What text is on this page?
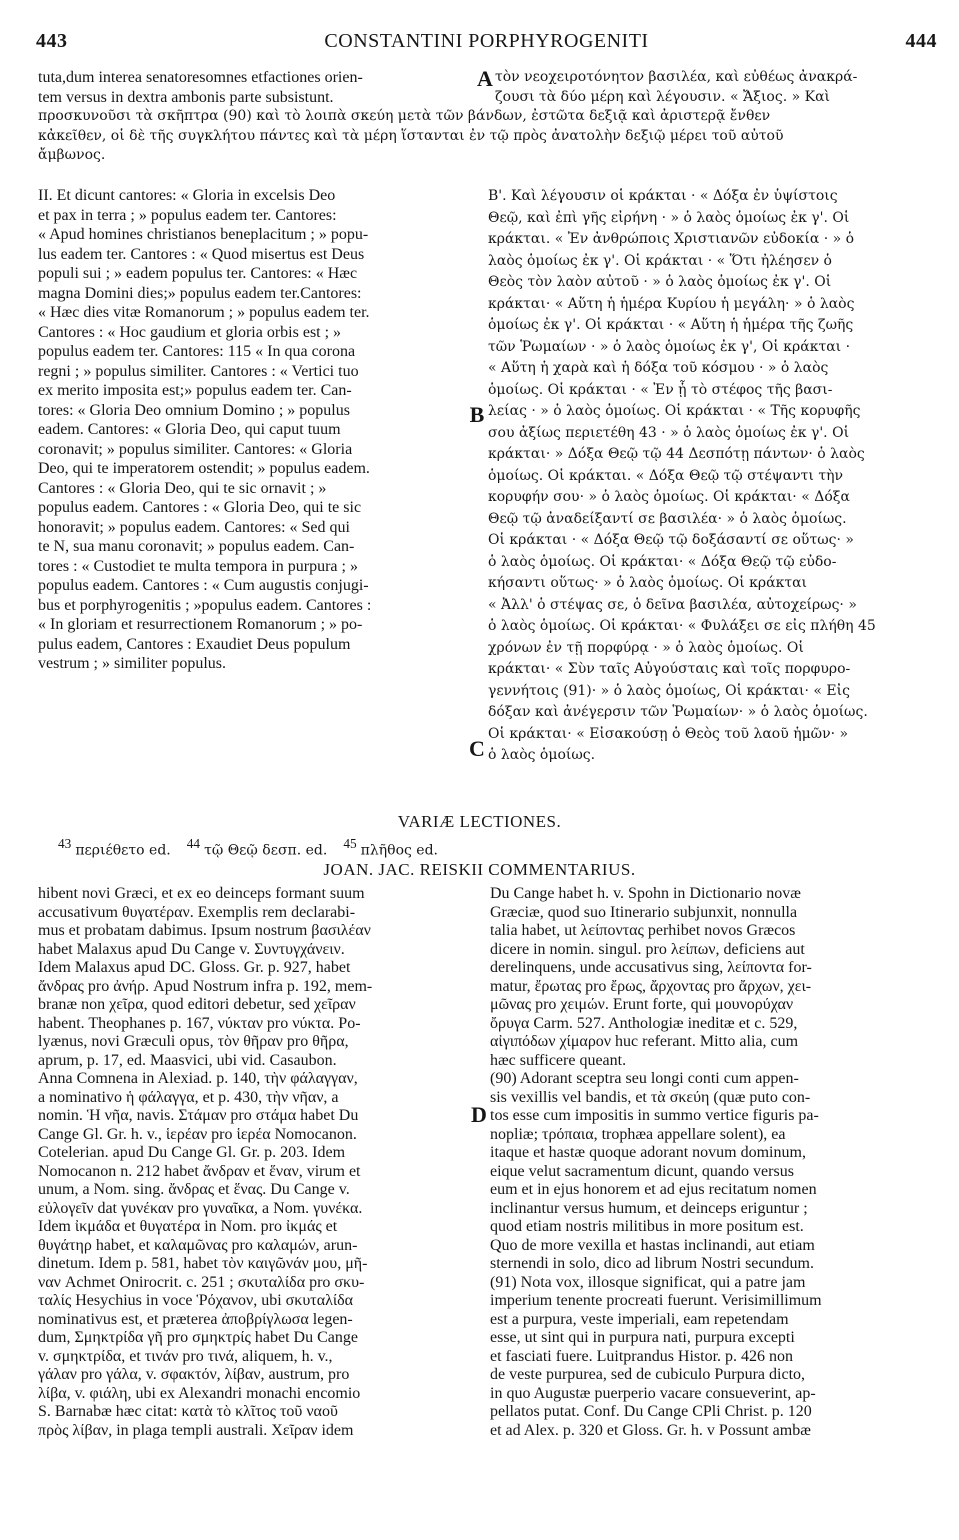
443	CONSTANTINI PORPHYROGENITI	444
tuta,dum interea senatoresomnes etfactiones orien-
tem versus in dextra ambonis parte subsistunt.
A τὸν νεοχειροτόνητον βασιλέα, καὶ εὐθέως ἀνακρά-
ζουσι τὰ δύο μέρη καὶ λέγουσιν. « Ἄξιος. » Καὶ
προσκυνοῦσι τὰ σκῆπτρα (90) καὶ τὸ λοιπὰ σκεύη μετὰ τῶν βάνδων, ἐστῶτα δεξιᾷ καὶ ἀριστερᾷ ἔνθεν
κἀκεῖθεν, οἱ δὲ τῆς συγκλήτου πάντες καὶ τὰ μέρη ἵστανται ἐν τῷ πρὸς ἀνατολὴν δεξιῷ μέρει τοῦ αὐτοῦ
ἄμβωνος.
II. Et dicunt cantores: « Gloria in excelsis Deo
et pax in terra ; » populus eadem ter. Cantores:
« Apud homines christianos beneplacitum ; » popu-
lus eadem ter. Cantores : « Quod misertus est Deus
populi sui ; » eadem populus ter. Cantores: « Hæc
magna Domini dies;» populus eadem ter.Cantores:
« Hæc dies vitæ Romanorum ; » populus eadem ter.
Cantores : « Hoc gaudium et gloria orbis est ; »
populus eadem ter. Cantores: 115 « In qua corona
regni ; » populus similiter. Cantores : « Vertici tuo
ex merito imposita est;» populus eadem ter. Can-
tores: « Gloria Deo omnium Domino ; » populus
eadem. Cantores: « Gloria Deo, qui caput tuum
coronavit; » populus similiter. Cantores: « Gloria
Deo, qui te imperatorem ostendit; » populus eadem.
Cantores : « Gloria Deo, qui te sic ornavit ; »
populus eadem. Cantores : « Gloria Deo, qui te sic
honoravit; » populus eadem. Cantores: « Sed qui
te N, sua manu coronavit; » populus eadem. Can-
tores : « Custodiet te multa tempora in purpura ; »
populus eadem. Cantores : « Cum augustis conjugi-
bus et porphyrogenitis ; »populus eadem. Cantores :
« In gloriam et resurrectionem Romanorum ; » po-
pulus eadem, Cantores : Exaudiet Deus populum
vestrum ; » similiter populus.
B
C
Β'. Καὶ λέγουσιν οἱ κράκται · « Δόξα ἐν ὑψίστοις
Θεῷ, καὶ ἐπὶ γῆς εἰρήνη · » ὁ λαὸς ὁμοίως ἐκ γ'. Οἱ
κράκται. « Ἐν ἀνθρώποις Χριστιανῶν εὐδοκία · » ὁ
λαὸς ὁμοίως ἐκ γ'. Οἱ κράκται · « Ὅτι ἠλέησεν ὁ
Θεὸς τὸν λαὸν αὐτοῦ · » ὁ λαὸς ὁμοίως ἐκ γ'. Οἱ
κράκται· « Αὕτη ἡ ἡμέρα Κυρίου ἡ μεγάλη· » ὁ λαὸς
ὁμοίως ἐκ γ'. Οἱ κράκται · « Αὕτη ἡ ἡμέρα τῆς ζωῆς
τῶν Ῥωμαίων · » ὁ λαὸς ὁμοίως ἐκ γ', Οἱ κράκται ·
« Αὕτη ἡ χαρὰ καὶ ἡ δόξα τοῦ κόσμου · » ὁ λαὸς
ὁμοίως. Οἱ κράκται · « Ἐν ᾗ τὸ στέφος τῆς βασι-
λείας · » ὁ λαὸς ὁμοίως. Οἱ κράκται · « Τῆς κορυφῆς
σου ἀξίως περιετέθη 43 · » ὁ λαὸς ὁμοίως ἐκ γ'. Οἱ
κράκται· » Δόξα Θεῷ τῷ 44 Δεσπότῃ πάντων· ὁ λαὸς
ὁμοίως. Οἱ κράκται. « Δόξα Θεῷ τῷ στέψαντι τὴν
κορυφήν σου· » ὁ λαὸς ὁμοίως. Οἱ κράκται· « Δόξα
Θεῷ τῷ ἀναδείξαντί σε βασιλέα· » ὁ λαὸς ὁμοίως.
Οἱ κράκται · « Δόξα Θεῷ τῷ δοξάσαντί σε οὕτως· »
ὁ λαὸς ὁμοίως. Οἱ κράκται· « Δόξα Θεῷ τῷ εὐδο-
κήσαντι οὕτως· » ὁ λαὸς ὁμοίως. Οἱ κράκται
« Ἀλλ' ὁ στέψας σε, ὁ δεῖνα βασιλέα, αὐτοχείρως· »
ὁ λαὸς ὁμοίως. Οἱ κράκται· « Φυλάξει σε εἰς πλήθη 45
χρόνων ἐν τῇ πορφύρᾳ · » ὁ λαὸς ὁμοίως. Οἱ
κράκται· « Σὺν ταῖς Αὐγούσταις καὶ τοῖς πορφυρο-
γεννήτοις (91)· » ὁ λαὸς ὁμοίως, Οἱ κράκται· « Εἰς
δόξαν καὶ ἀνέγερσιν τῶν Ῥωμαίων· » ὁ λαὸς ὁμοίως.
Οἱ κράκται· « Εἰσακούσῃ ὁ Θεὸς τοῦ λαοῦ ἡμῶν· »
ὁ λαὸς ὁμοίως.
VARIÆ LECTIONES.
$^{43}$ περιέθετο ed. $^{44}$ τῷ Θεῷ δεσπ. ed. $^{45}$ πλῆθος ed.
JOAN. JAC. REISKII COMMENTARIUS.
hibent novi Græci, et ex eo deinceps formant suum
accusativum θυγατέραν. Exemplis rem declarabi-
mus et probatam dabimus. Ipsum nostrum βασιλέαν
habet Malaxus apud Du Cange v. Συντυγχάνειν.
Idem Malaxus apud DC. Gloss. Gr. p. 927, habet
ἄνδρας pro ἀνήρ. Apud Nostrum infra p. 192, mem-
branæ non χεῖρα, quod editori debetur, sed χεῖραν
habent. Theophanes p. 167, νύκταν pro νύκτα. Po-
lyænus, novi Græculi opus, τὸν θῆραν pro θῆρα,
aprum, p. 17, ed. Maasvici, ubi vid. Casaubon.
Anna Comnena in Alexiad. p. 140, τὴν φάλαγγαν,
a nominativo ἡ φάλαγγα, et p. 430, τὴν νῆαν, a
nomin. Ἡ νῆα, navis. Στάμαν pro στάμα habet Du
Cange Gl. Gr. h. v., ἱερέαν pro ἱερέα Nomocanon.
Cotelerian. apud Du Cange Gl. Gr. p. 203. Idem
Nomocanon n. 212 habet ἄνδραν et ἕναν, virum et
unum, a Nom. sing. ἄνδρας et ἕνας. Du Cange v.
εὐλογεῖν dat γυνέκαν pro γυναῖκα, a Nom. γυνέκα.
Idem ἰκμάδα et θυγατέρα in Nom. pro ἰκμάς et
θυγάτηρ habet, et καλαμῶνας pro καλαμών, arun-
dinetum. Idem p. 581, habet τὸν καιγῶνάν μου, μῆ-
ναν Achmet Onirocrit. c. 251 ; σκυταλίδα pro σκυ-
ταλίς Hesychius in voce Ῥόχανον, ubi σκυταλίδα
nominativus est, et præterea ἀποβρίγλωσα legen-
dum, Σμηκτρίδα γῆ pro σμηκτρίς habet Du Cange
v. σμηκτρίδα, et τινάν pro τινά, aliquem, h. v.,
γάλαν pro γάλα, v. σφακτόν, λίβαν, austrum, pro
λίβα, v. φιάλη, ubi ex Alexandri monachi encomio
S. Barnabæ hæc citat: κατὰ τὸ κλῖτος τοῦ ναοῦ
πρὸς λίβαν, in plaga templi australi. Χεῖραν idem
D
Du Cange habet h. v. Spohn in Dictionario novæ
Græciæ, quod suo Itinerario subjunxit, nonnulla
talia habet, ut λείποντας perhibet novos Græcos
dicere in nomin. singul. pro λείπων, deficiens aut
derelinquens, unde accusativus sing, λείποντα for-
matur, ἔρωτας pro ἔρως, ἄρχοντας pro ἄρχων, χει-
μῶνας pro χειμών. Erunt forte, qui μουνορύχαν
ὄρυγα Carm. 527. Anthologiæ ineditæ et c. 529,
αἰγιπόδων χίμαρον huc referant. Mitto alia, cum
hæc sufficere queant.
(90) Adorant sceptra seu longi conti cum appen-
sis vexillis vel bandis, et τὰ σκεύη (quæ puto con-
tos esse cum impositis in summo vertice figuris pa-
nopliæ; τρόπαια, trophæa appellare solent), ea
itaque et hastæ quoque adorant novum dominum,
eique velut sacramentum dicunt, quando versus
eum et in ejus honorem et ad ejus recitatum nomen
inclinantur versus humum, et deinceps eriguntur ;
quod etiam nostris militibus in more positum est.
Quo de more vexilla et hastas inclinandi, aut etiam
sternendi in solo, dico ad librum Nostri secundum.
(91) Nota vox, illosque significat, qui a patre jam
imperium tenente procreati fuerunt. Verisimillimum
est a purpura, veste imperiali, eam repetendam
esse, ut sint qui in purpura nati, purpura excepti
et fasciati fuere. Luitprandus Histor. p. 426 non
de veste purpurea, sed de cubiculo Purpura dicto,
in quo Augustæ puerperio vacare consueverint, ap-
pellatos putat. Conf. Du Cange CPli Christ. p. 120
et ad Alex. p. 320 et Gloss. Gr. h. v Possunt ambæ
